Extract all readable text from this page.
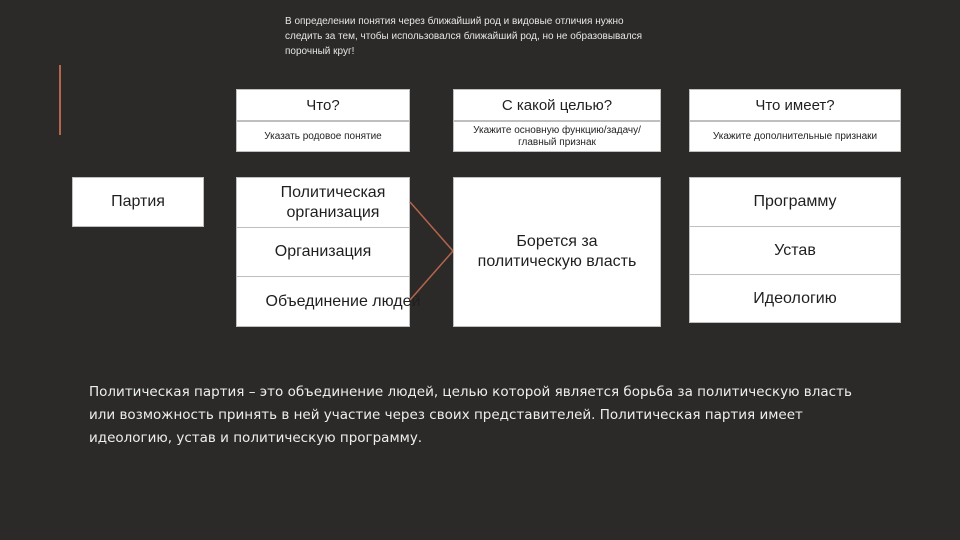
В определении понятия через ближайший род и видовые отличия нужно следить за тем, чтобы использовался ближайший род, но не образовывался порочный круг!
Что?
Указать родовое понятие
С какой целью?
Укажите основную функцию/задачу/главный признак
Что имеет?
Укажите дополнительные признаки
Партия
Политическая организация
Организация
Объединение людей
Борется за политическую власть
Программу
Устав
Идеологию
Политическая партия – это объединение людей, целью которой является борьба за политическую власть или возможность принять в ней участие через своих представителей. Политическая партия имеет идеологию, устав и политическую программу.
